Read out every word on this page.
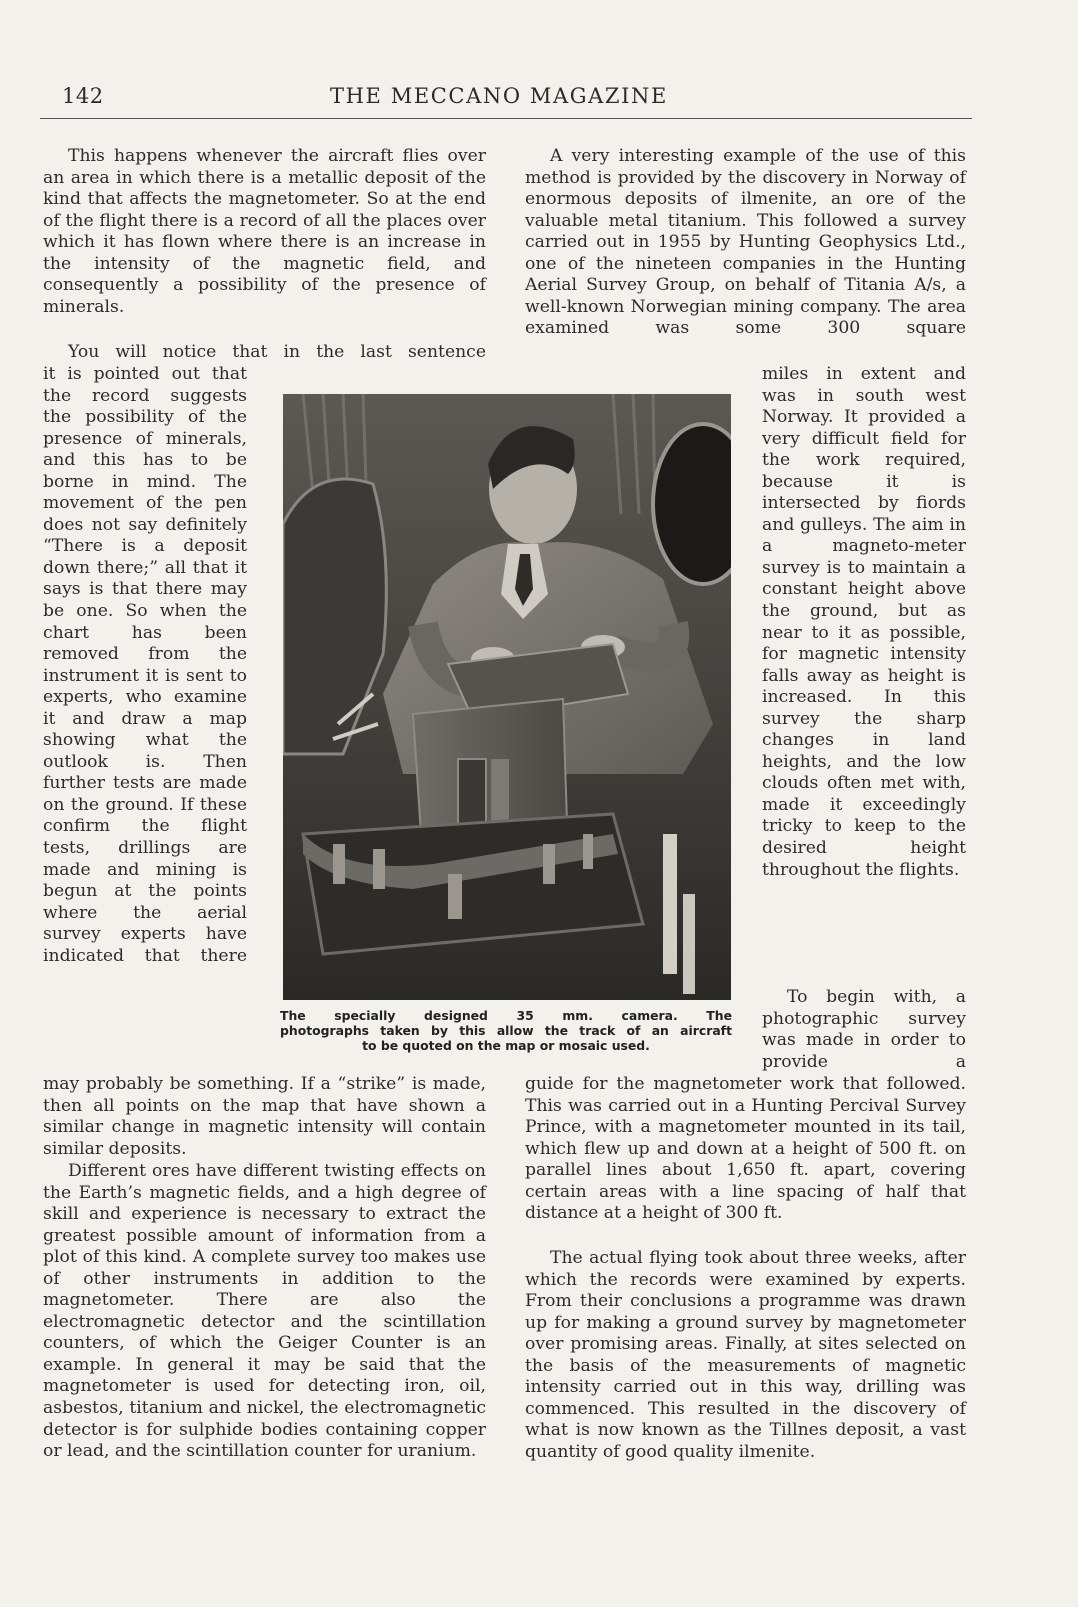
142	THE MECCANO MAGAZINE

This happens whenever the aircraft flies over an area in which there is a metallic deposit of the kind that affects the magnetometer. So at the end of the flight there is a record of all the places over which it has flown where there is an increase in the intensity of the magnetic field, and consequently a possibility of the presence of minerals.

You will notice that in the last sentence

it is pointed out that the record suggests the possibility of the presence of minerals, and this has to be borne in mind. The movement of the pen does not say definitely “There is a deposit down there;” all that it says is that there may be one. So when the chart has been removed from the instrument it is sent to experts, who examine it and draw a map showing what the outlook is. Then further tests are made on the ground. If these confirm the flight tests, drillings are made and mining is begun at the points where the aerial survey experts have indicated that there

may probably be something. If a “strike” is made, then all points on the map that have shown a similar change in magnetic intensity will contain similar deposits.

Different ores have different twisting effects on the Earth’s magnetic fields, and a high degree of skill and experience is necessary to extract the greatest possible amount of information from a plot of this kind. A complete survey too makes use of other instruments in addition to the magnetometer. There are also the electromagnetic detector and the scintillation counters, of which the Geiger Counter is an example. In general it may be said that the magnetometer is used for detecting iron, oil, asbestos, titanium and nickel, the electromagnetic detector is for sulphide bodies containing copper or lead, and the scintillation counter for uranium.

A very interesting example of the use of this method is provided by the discovery in Norway of enormous deposits of ilmenite, an ore of the valuable metal titanium. This followed a survey carried out in 1955 by Hunting Geophysics Ltd., one of the nineteen companies in the Hunting Aerial Survey Group, on behalf of Titania A/s, a well-known Norwegian mining company. The area examined was some 300 square

miles in extent and was in south west Norway. It provided a very difficult field for the work required, because it is intersected by fiords and gulleys. The aim in a magneto-meter survey is to maintain a constant height above the ground, but as near to it as possible, for magnetic intensity falls away as height is increased. In this survey the sharp changes in land heights, and the low clouds often met with, made it exceedingly tricky to keep to the desired height throughout the flights.

To begin with, a photographic survey was made in order to provide a

guide for the magnetometer work that followed. This was carried out in a Hunting Percival Survey Prince, with a magnetometer mounted in its tail, which flew up and down at a height of 500 ft. on parallel lines about 1,650 ft. apart, covering certain areas with a line spacing of half that distance at a height of 300 ft.

The actual flying took about three weeks, after which the records were examined by experts. From their conclusions a programme was drawn up for making a ground survey by magnetometer over promising areas. Finally, at sites selected on the basis of the measurements of magnetic intensity carried out in this way, drilling was commenced. This resulted in the discovery of what is now known as the Tillnes deposit, a vast quantity of good quality ilmenite.

The specially designed 35 mm. camera. The
photographs taken by this allow the track of an aircraft
to be quoted on the map or mosaic used.
